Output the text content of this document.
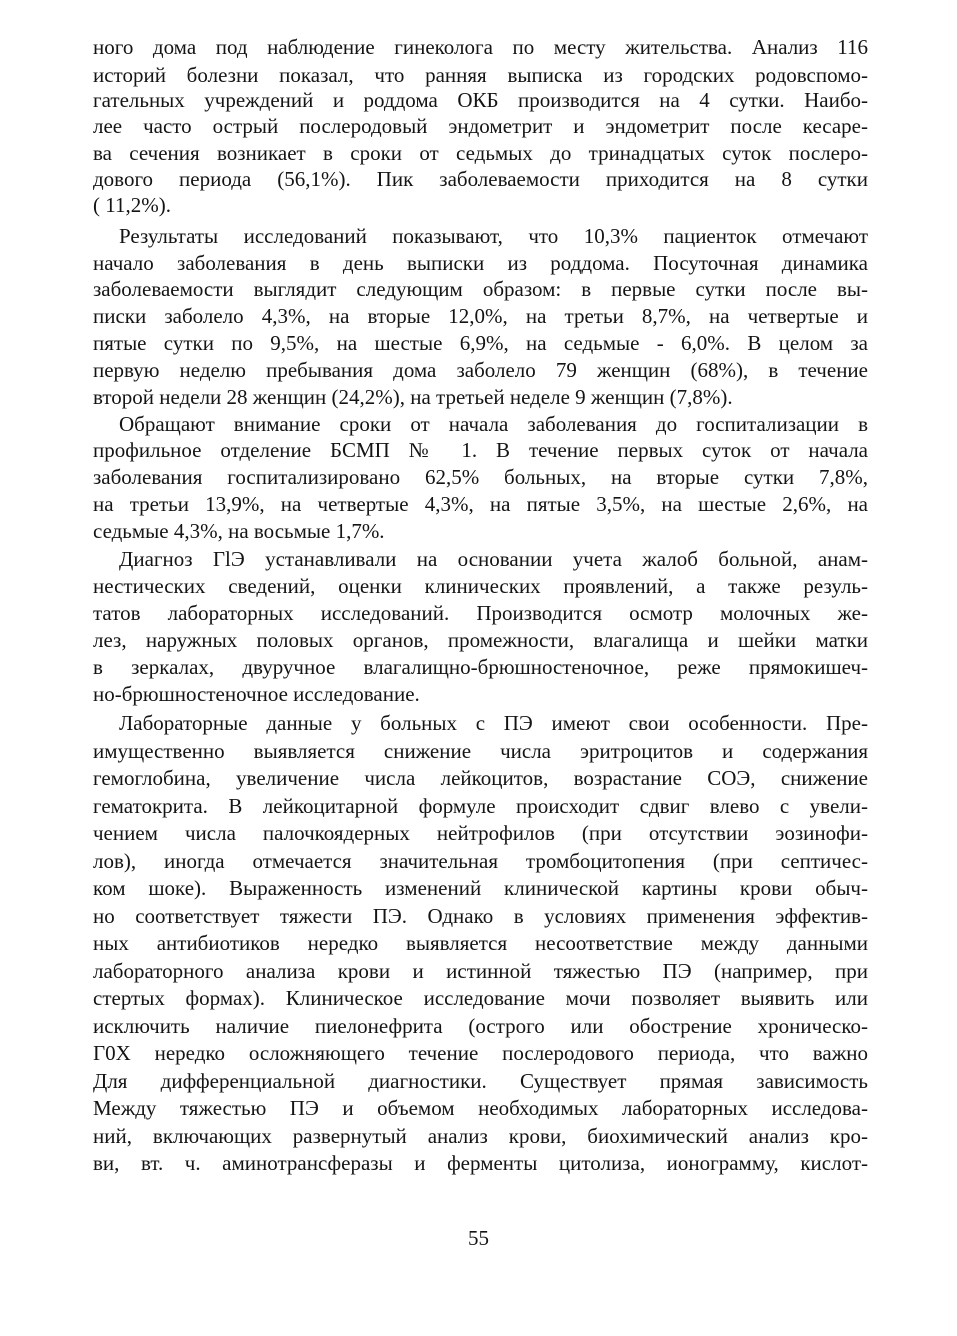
ного дома под наблюдение гинеколога по месту жительства. Анализ 116
историй болезни показал, что ранняя выписка из городских родовспомо-
гательных учреждений и роддома ОКБ производится на 4 сутки. Наибо-
лее часто острый послеродовый эндометрит и эндометрит после кесаре-
ва сечения возникает в сроки от седьмых до тринадцатых суток послеро-
дового периода (56,1%). Пик заболеваемости приходится на 8 сутки
( 11,2%).
Результаты исследований показывают, что 10,3% пациенток отмечают
начало заболевания в день выписки из роддома. Посуточная динамика
заболеваемости выглядит следующим образом: в первые сутки после вы-
писки заболело 4,3%, на вторые 12,0%, на третьи 8,7%, на четвертые и
пятые сутки по 9,5%, на шестые 6,9%, на седьмые - 6,0%. В целом за
первую неделю пребывания дома заболело 79 женщин (68%), в течение
второй недели 28 женщин (24,2%), на третьей неделе 9 женщин (7,8%).
Обращают внимание сроки от начала заболевания до госпитализации в
профильное отделение БСМП № 1. В течение первых суток от начала
заболевания госпитализировано 62,5% больных, на вторые сутки 7,8%,
на третьи 13,9%, на четвертые 4,3%, на пятые 3,5%, на шестые 2,6%, на
седьмые 4,3%, на восьмые 1,7%.
Диагноз ГlЭ устанавливали на основании учета жалоб больной, анам-
нестических сведений, оценки клинических проявлений, а также резуль-
татов лабораторных исследований. Производится осмотр молочных же-
лез, наружных половых органов, промежности, влагалища и шейки матки
в зеркалах, двуручное влагалищно-брюшностеночное, реже прямокишеч-
но-брюшностеночное исследование.
Лабораторные данные у больных с ПЭ имеют свои особенности. Пре-
имущественно выявляется снижение числа эритроцитов и содержания
гемоглобина, увеличение числа лейкоцитов, возрастание СОЭ, снижение
гематокрита. В лейкоцитарной формуле происходит сдвиг влево с увели-
чением числа палочкоядерных нейтрофилов (при отсутствии эозинофи-
лов), иногда отмечается значительная тромбоцитопения (при септичес-
ком шоке). Выраженность изменений клинической картины крови обыч-
но соответствует тяжести ПЭ. Однако в условиях применения эффектив-
ных антибиотиков нередко выявляется несоответствие между данными
лабораторного анализа крови и истинной тяжестью ПЭ (например, при
стертых формах). Клиническое исследование мочи позволяет выявить или
исключить наличие пиелонефрита (острого или обострение хроническо-
Г0Х нередко осложняющего течение послеродового периода, что важно
Для дифференциальной диагностики. Существует прямая зависимость
Между тяжестью ПЭ и объемом необходимых лабораторных исследова-
ний, включающих развернутый анализ крови, биохимический анализ кро-
ви, вт. ч. аминотрансферазы и ферменты цитолиза, ионограмму, кислот-
55
